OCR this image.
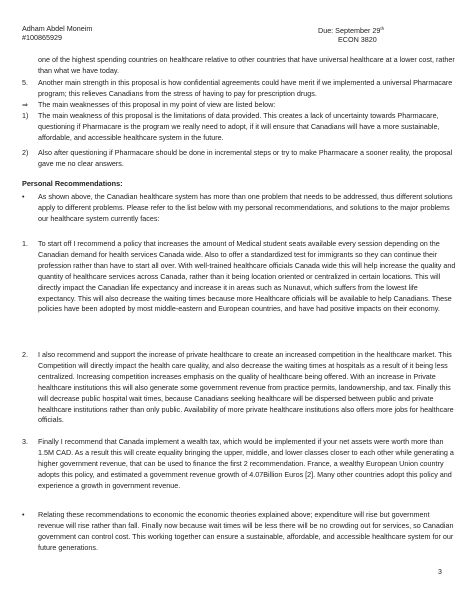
Adham Abdel Moneim
#100865929
Due: September 29th
ECON 3820

one of the highest spending countries on healthcare relative to other countries that have universal healthcare at a lower cost, rather than what we have today.

5. Another main strength in this proposal is how confidential agreements could have merit if we implemented a universal Pharmacare program; this relieves Canadians from the stress of having to pay for prescription drugs.

⇒ The main weaknesses of this proposal in my point of view are listed below:

1) The main weakness of this proposal is the limitations of data provided. This creates a lack of uncertainty towards Pharmacare, questioning if Pharmacare is the program we really need to adopt, if it will ensure that Canadians will have a more sustainable, affordable, and accessible healthcare system in the future.

2) Also after questioning if Pharmacare should be done in incremental steps or try to make Pharmacare a sooner reality, the proposal gave me no clear answers.

Personal Recommendations:
• As shown above, the Canadian healthcare system has more than one problem that needs to be addressed, thus different solutions apply to different problems. Please refer to the list below with my personal recommendations, and solutions to the major problems our healthcare system currently faces:

1. To start off I recommend a policy that increases the amount of Medical student seats available every session depending on the Canadian demand for health services Canada wide. Also to offer a standardized test for immigrants so they can continue their profession rather than have to start all over. With well-trained healthcare officials Canada wide this will help increase the quality and quantity of healthcare services across Canada, rather than it being location oriented or centralized in certain locations. This will directly impact the Canadian life expectancy and increase it in areas such as Nunavut, which suffers from the lowest life expectancy. This will also decrease the waiting times because more Healthcare officials will be available to help Canadians. These policies have been adopted by most middle-eastern and European countries, and have had positive impacts on their economy.

2. I also recommend and support the increase of private healthcare to create an increased competition in the healthcare market. This Competition will directly impact the health care quality, and also decrease the waiting times at hospitals as a result of it being less centralized. Increasing competition increases emphasis on the quality of healthcare being offered. With an increase in Private healthcare institutions this will also generate some government revenue from practice permits, landownership, and tax. Finally this will decrease public hospital wait times, because Canadians seeking healthcare will be dispersed between public and private healthcare institutions rather than only public. Availability of more private healthcare institutions also offers more jobs for healthcare officials.

3. Finally I recommend that Canada implement a wealth tax, which would be implemented if your net assets were worth more than 1.5M CAD. As a result this will create equality bringing the upper, middle, and lower classes closer to each other while generating a higher government revenue, that can be used to finance the first 2 recommendation. France, a wealthy European Union country adopts this policy, and estimated a government revenue growth of 4.07Billion Euros [2]. Many other countries adopt this policy and experience a growth in government revenue.

• Relating these recommendations to economic the economic theories explained above; expenditure will rise but government revenue will rise rather than fall. Finally now because wait times will be less there will be no crowding out for services, so Canadian government can control cost. This working together can ensure a sustainable, affordable, and accessible healthcare system for our future generations.

3
